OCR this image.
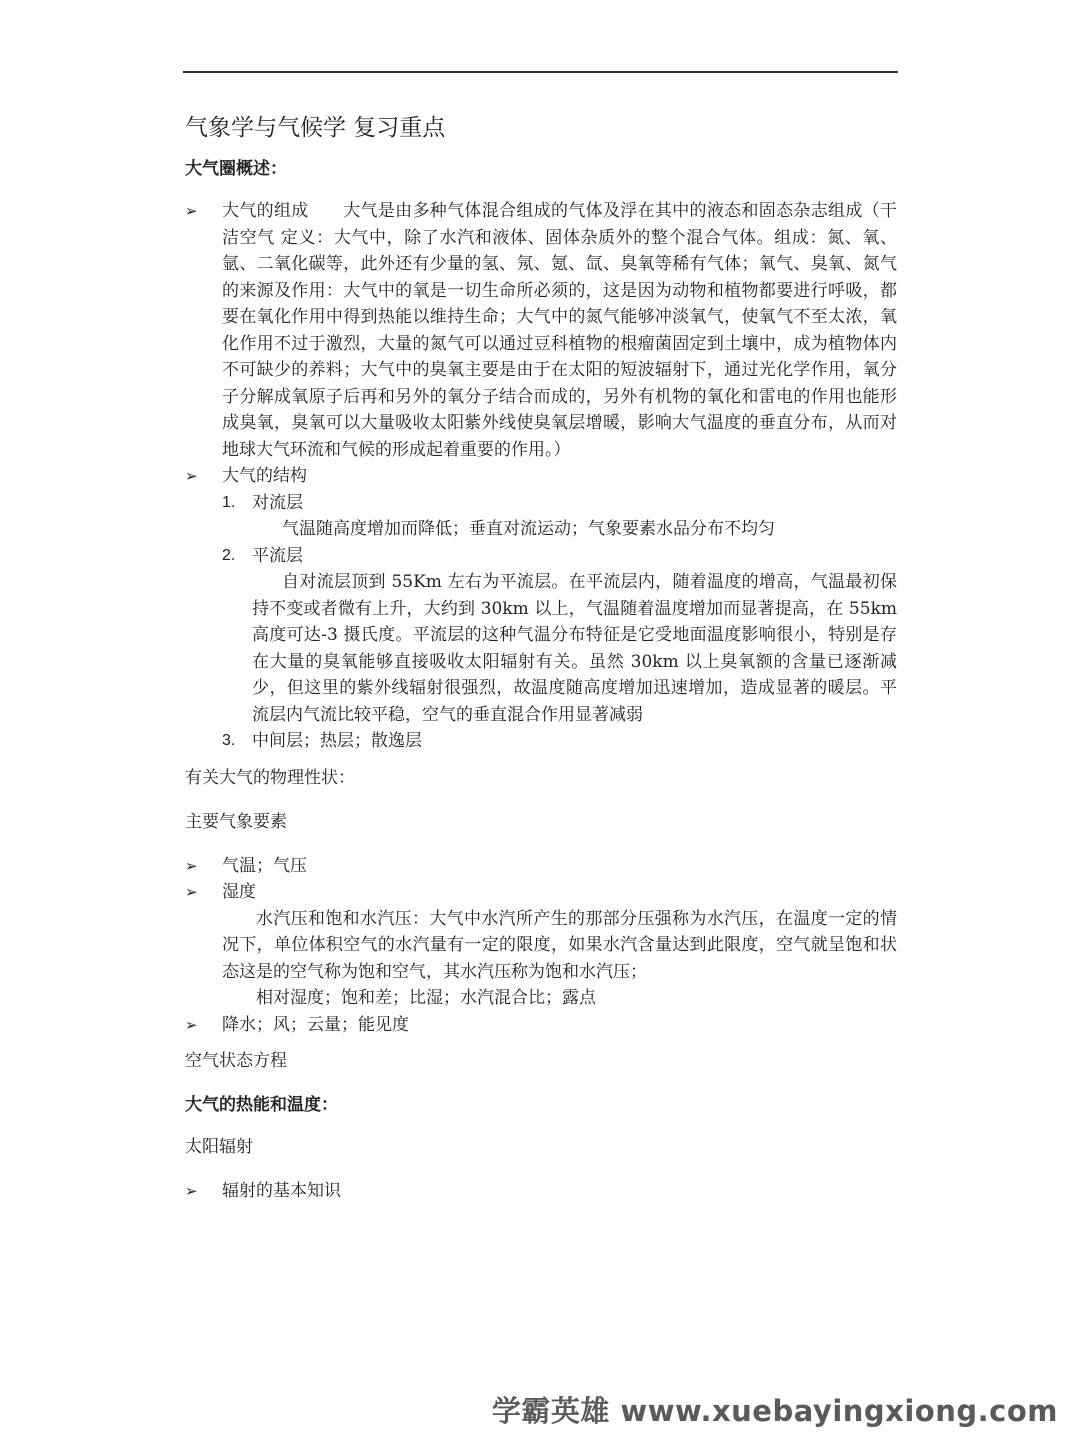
气象学与气候学 复习重点
大气圈概述：
➢ 大气的组成　　大气是由多种气体混合组成的气体及浮在其中的液态和固态杂志组成（干洁空气 定义：大气中，除了水汽和液体、固体杂质外的整个混合气体。组成：氮、氧、氩、二氧化碳等，此外还有少量的氢、氖、氪、氙、臭氧等稀有气体；氧气、臭氧、氮气的来源及作用：大气中的氧是一切生命所必须的，这是因为动物和植物都要进行呼吸，都要在氧化作用中得到热能以维持生命；大气中的氮气能够冲淡氧气，使氧气不至太浓，氧化作用不过于激烈，大量的氮气可以通过豆科植物的根瘤菌固定到土壤中，成为植物体内不可缺少的养料；大气中的臭氧主要是由于在太阳的短波辐射下，通过光化学作用，氧分子分解成氧原子后再和另外的氧分子结合而成的，另外有机物的氧化和雷电的作用也能形成臭氧，臭氧可以大量吸收太阳紫外线使臭氧层增暖，影响大气温度的垂直分布，从而对地球大气环流和气候的形成起着重要的作用。）
➢ 大气的结构
1. 对流层
气温随高度增加而降低；垂直对流运动；气象要素水品分布不均匀
2. 平流层
自对流层顶到 55Km 左右为平流层。在平流层内，随着温度的增高，气温最初保持不变或者微有上升，大约到 30km 以上，气温随着温度增加而显著提高，在 55km 高度可达-3 摄氏度。平流层的这种气温分布特征是它受地面温度影响很小，特别是存在大量的臭氧能够直接吸收太阳辐射有关。虽然 30km 以上臭氧额的含量已逐渐减少，但这里的紫外线辐射很强烈，故温度随高度增加迅速增加，造成显著的暖层。平流层内气流比较平稳，空气的垂直混合作用显著减弱
3. 中间层；热层；散逸层
有关大气的物理性状：
主要气象要素
➢ 气温；气压
➢ 湿度
水汽压和饱和水汽压：大气中水汽所产生的那部分压强称为水汽压，在温度一定的情况下，单位体积空气的水汽量有一定的限度，如果水汽含量达到此限度，空气就呈饱和状态这是的空气称为饱和空气，其水汽压称为饱和水汽压；
相对湿度；饱和差；比湿；水汽混合比；露点
➢ 降水；风；云量；能见度
空气状态方程
大气的热能和温度：
太阳辐射
➢ 辐射的基本知识
学霸英雄 www.xuebayingxiong.com
